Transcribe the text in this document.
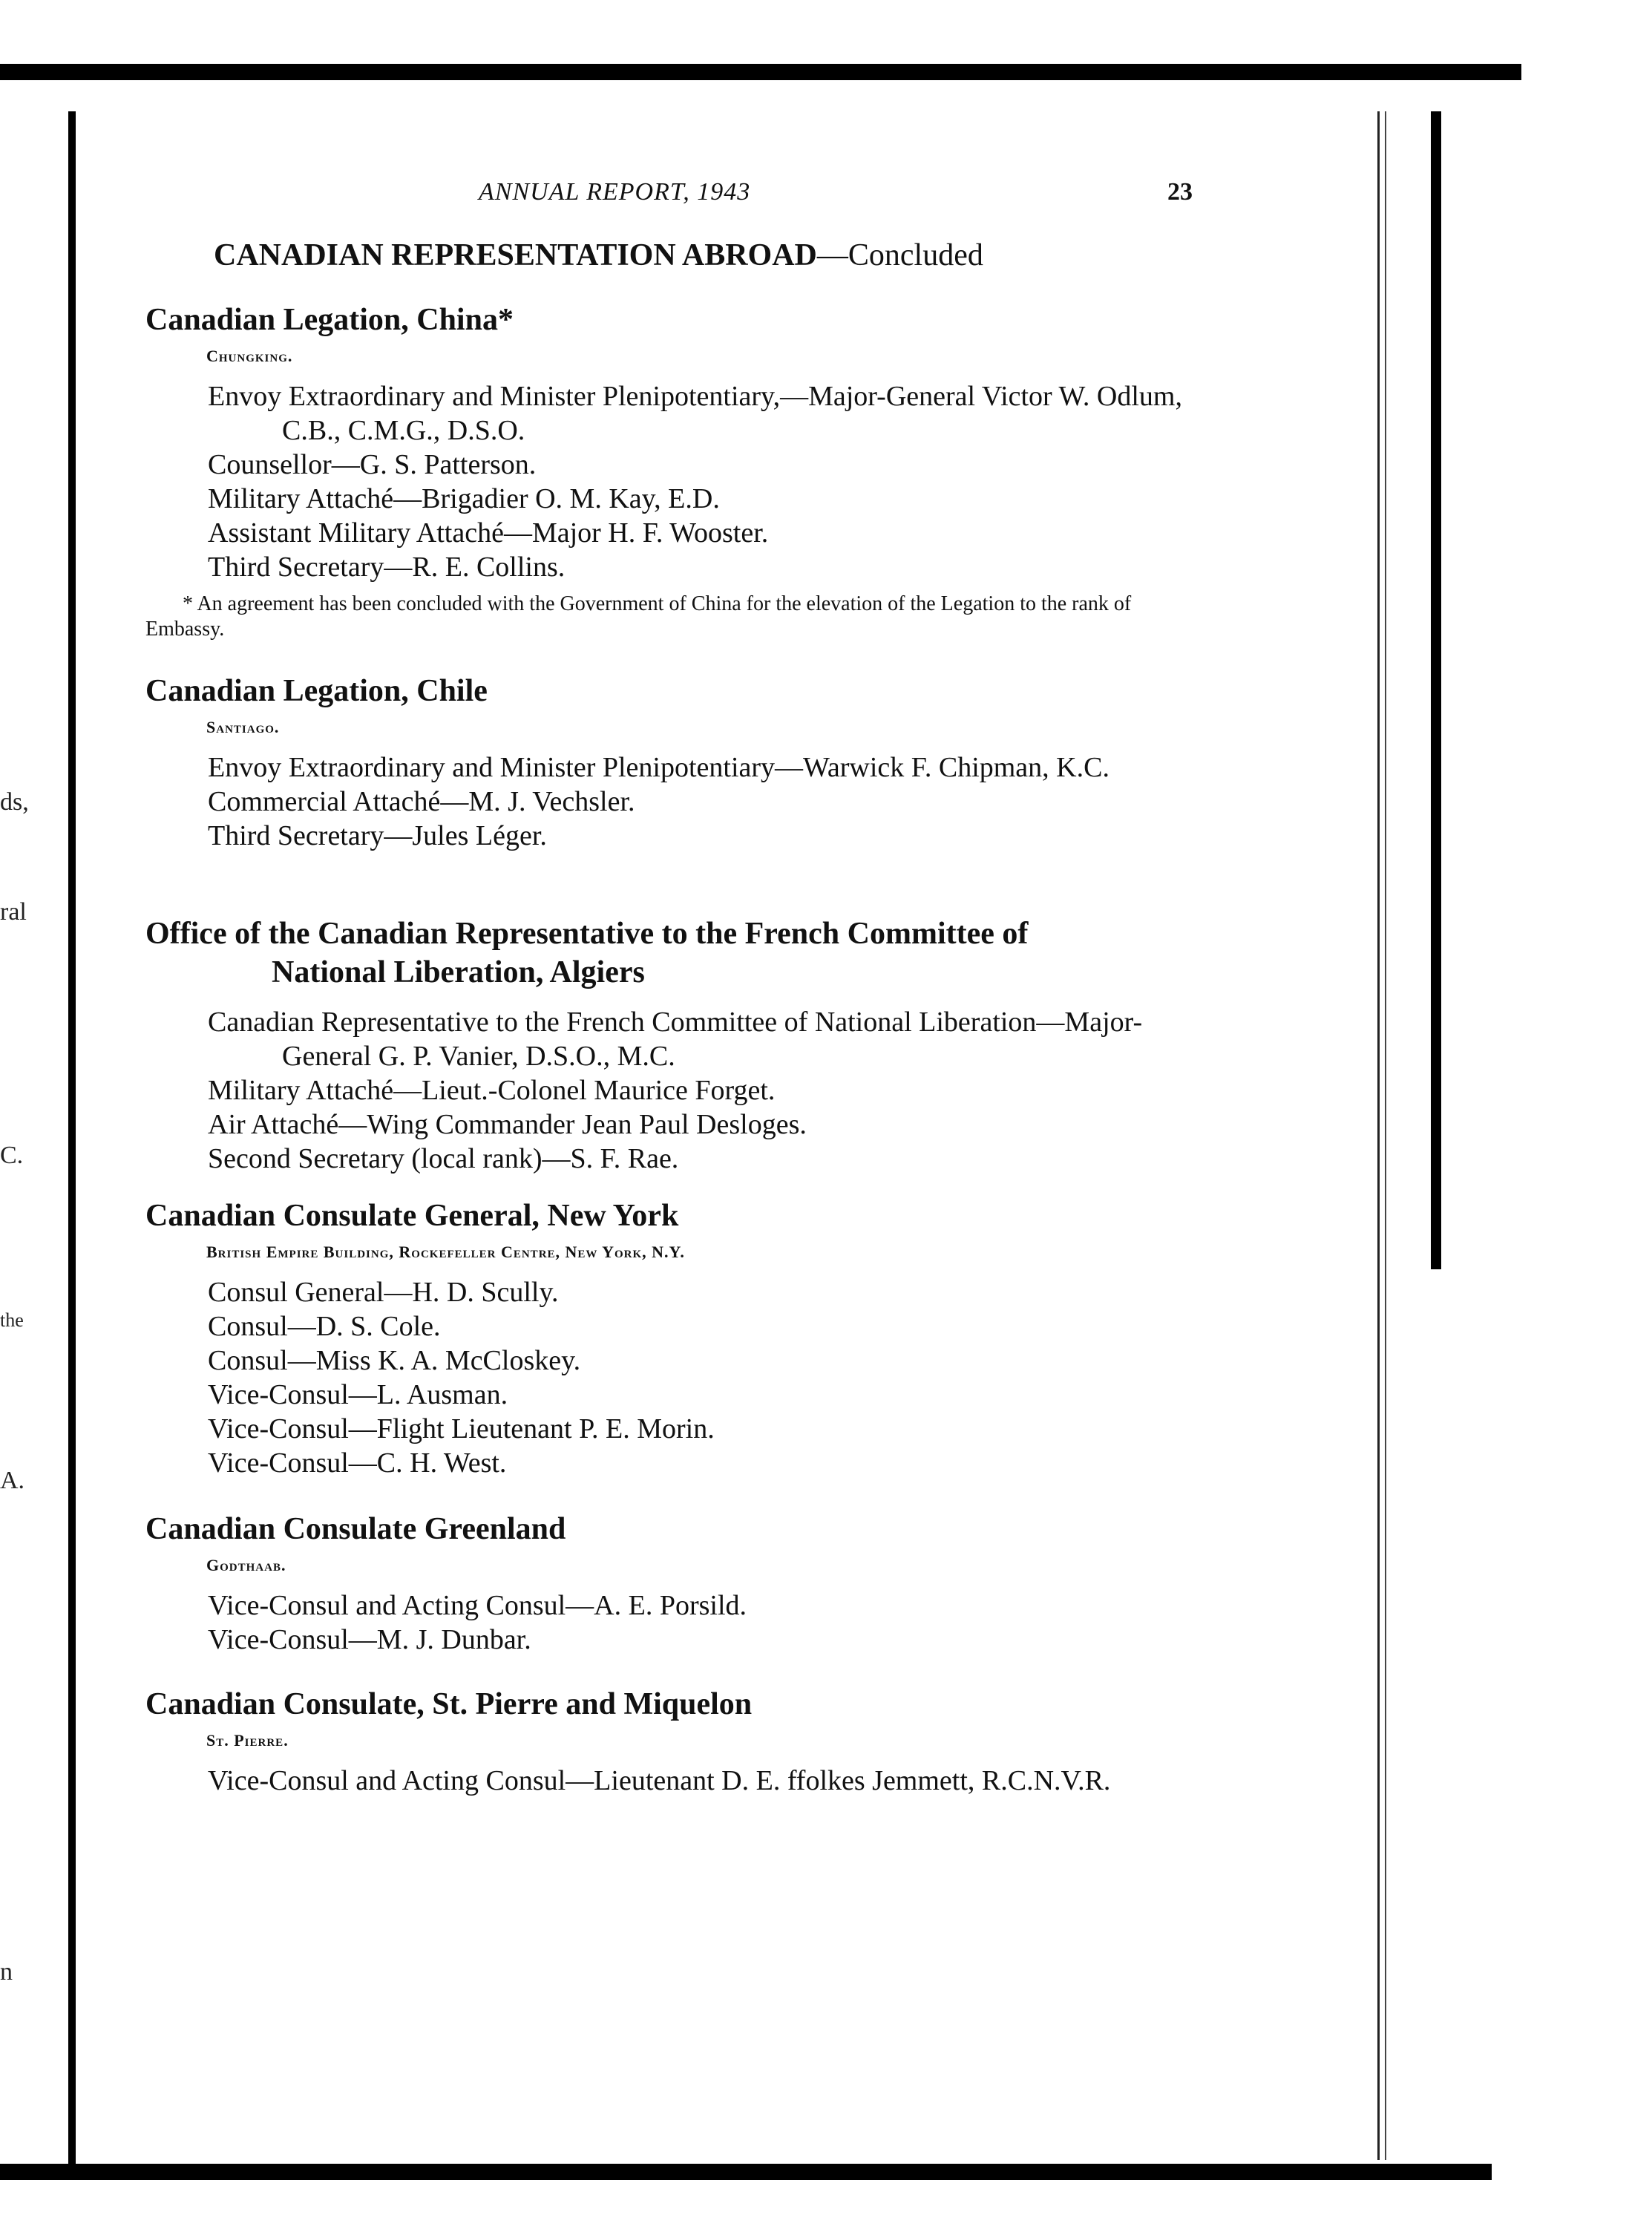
ds,
ral
C.
the
A.
n
ANNUAL REPORT, 1943	23
CANADIAN REPRESENTATION ABROAD—Concluded
Canadian Legation, China*
Chungking.
Envoy Extraordinary and Minister Plenipotentiary,—Major-General Victor W. Odlum, C.B., C.M.G., D.S.O.
Counsellor—G. S. Patterson.
Military Attaché—Brigadier O. M. Kay, E.D.
Assistant Military Attaché—Major H. F. Wooster.
Third Secretary—R. E. Collins.
* An agreement has been concluded with the Government of China for the elevation of the Legation to the rank of Embassy.
Canadian Legation, Chile
Santiago.
Envoy Extraordinary and Minister Plenipotentiary—Warwick F. Chipman, K.C.
Commercial Attaché—M. J. Vechsler.
Third Secretary—Jules Léger.
Office of the Canadian Representative to the French Committee of
National Liberation, Algiers
Canadian Representative to the French Committee of National Liberation—Major-General G. P. Vanier, D.S.O., M.C.
Military Attaché—Lieut.-Colonel Maurice Forget.
Air Attaché—Wing Commander Jean Paul Desloges.
Second Secretary (local rank)—S. F. Rae.
Canadian Consulate General, New York
British Empire Building, Rockefeller Centre, New York, N.Y.
Consul General—H. D. Scully.
Consul—D. S. Cole.
Consul—Miss K. A. McCloskey.
Vice-Consul—L. Ausman.
Vice-Consul—Flight Lieutenant P. E. Morin.
Vice-Consul—C. H. West.
Canadian Consulate Greenland
Godthaab.
Vice-Consul and Acting Consul—A. E. Porsild.
Vice-Consul—M. J. Dunbar.
Canadian Consulate, St. Pierre and Miquelon
St. Pierre.
Vice-Consul and Acting Consul—Lieutenant D. E. ffolkes Jemmett, R.C.N.V.R.
